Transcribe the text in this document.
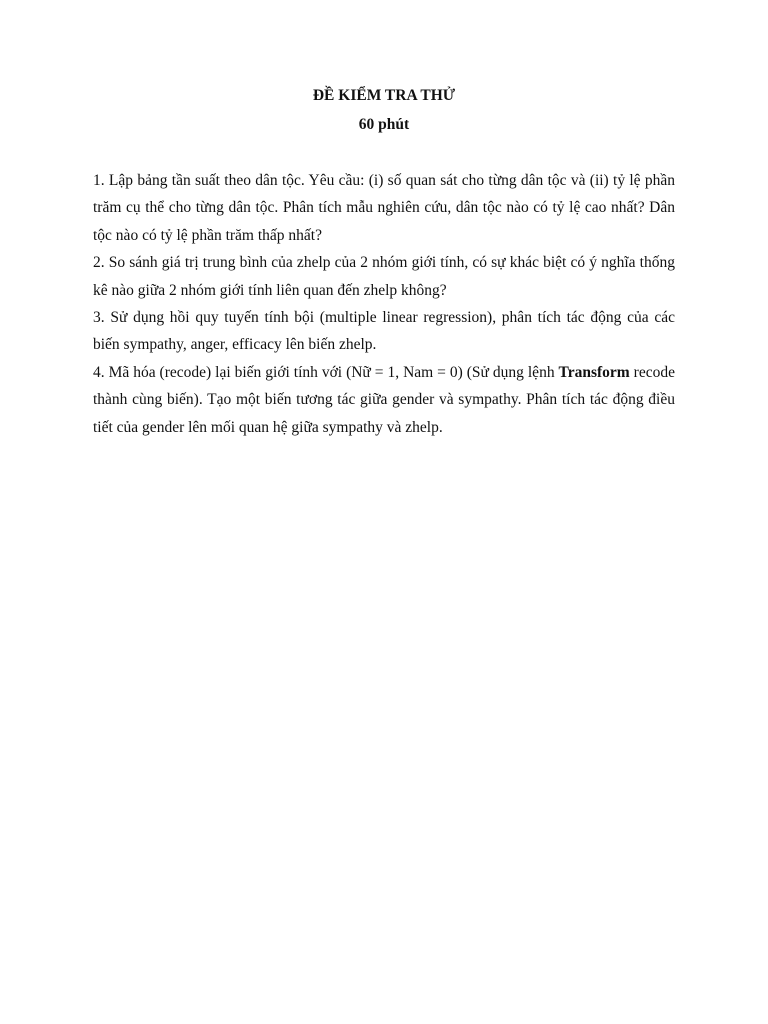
ĐỀ KIỂM TRA THỬ
60 phút

1. Lập bảng tần suất theo dân tộc. Yêu cầu: (i) số quan sát cho từng dân tộc và (ii) tỷ lệ phần trăm cụ thể cho từng dân tộc. Phân tích mẫu nghiên cứu, dân tộc nào có tỷ lệ cao nhất? Dân tộc nào có tỷ lệ phần trăm thấp nhất?

2. So sánh giá trị trung bình của zhelp của 2 nhóm giới tính, có sự khác biệt có ý nghĩa thống kê nào giữa 2 nhóm giới tính liên quan đến zhelp không?

3. Sử dụng hồi quy tuyến tính bội (multiple linear regression), phân tích tác động của các biến sympathy, anger, efficacy lên biến zhelp.

4. Mã hóa (recode) lại biến giới tính với (Nữ = 1, Nam = 0) (Sử dụng lệnh Transform recode thành cùng biến). Tạo một biến tương tác giữa gender và sympathy. Phân tích tác động điều tiết của gender lên mối quan hệ giữa sympathy và zhelp.
